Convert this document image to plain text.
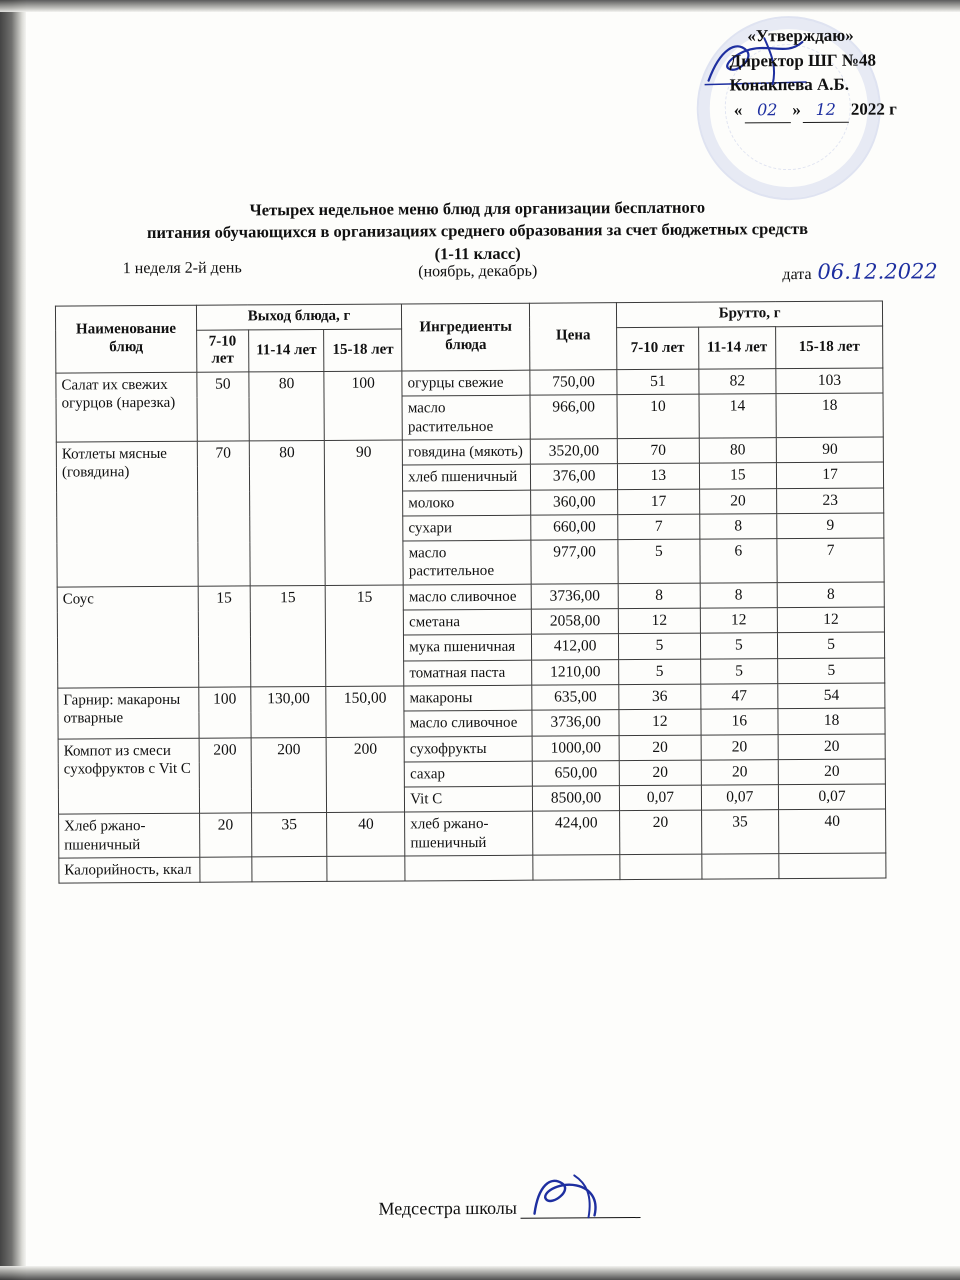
«Утверждаю»
Директор ШГ №48
Конакпева А.Б.
« 02 » 12 2022 г
Четырех недельное меню блюд для организации бесплатного
питания обучающихся в организациях среднего образования за счет бюджетных средств
(1-11 класс)
1 неделя 2-й день	(ноябрь, декабрь)	дата 06.12.2022
Наименование блюд	Выход блюда, г			Ингредиенты блюда	Цена	Брутто, г		
	7-10 лет	11-14 лет	15-18 лет			7-10 лет	11-14 лет	15-18 лет
Салат их свежих огурцов (нарезка)	50	80	100	огурцы свежие	750,00	51	82	103
				масло растительное	966,00	10	14	18
Котлеты мясные (говядина)	70	80	90	говядина (мякоть)	3520,00	70	80	90
				хлеб пшеничный	376,00	13	15	17
				молоко	360,00	17	20	23
				сухари	660,00	7	8	9
				масло растительное	977,00	5	6	7
Соус	15	15	15	масло сливочное	3736,00	8	8	8
				сметана	2058,00	12	12	12
				мука пшеничная	412,00	5	5	5
				томатная паста	1210,00	5	5	5
Гарнир: макароны отварные	100	130,00	150,00	макароны	635,00	36	47	54
				масло сливочное	3736,00	12	16	18
Компот из смеси сухофруктов с Vit C	200	200	200	сухофрукты	1000,00	20	20	20
				сахар	650,00	20	20	20
				Vit C	8500,00	0,07	0,07	0,07
Хлеб ржано-пшеничный	20	35	40	хлеб ржано-пшеничный	424,00	20	35	40
Калорийность, ккал								
Медсестра школы
